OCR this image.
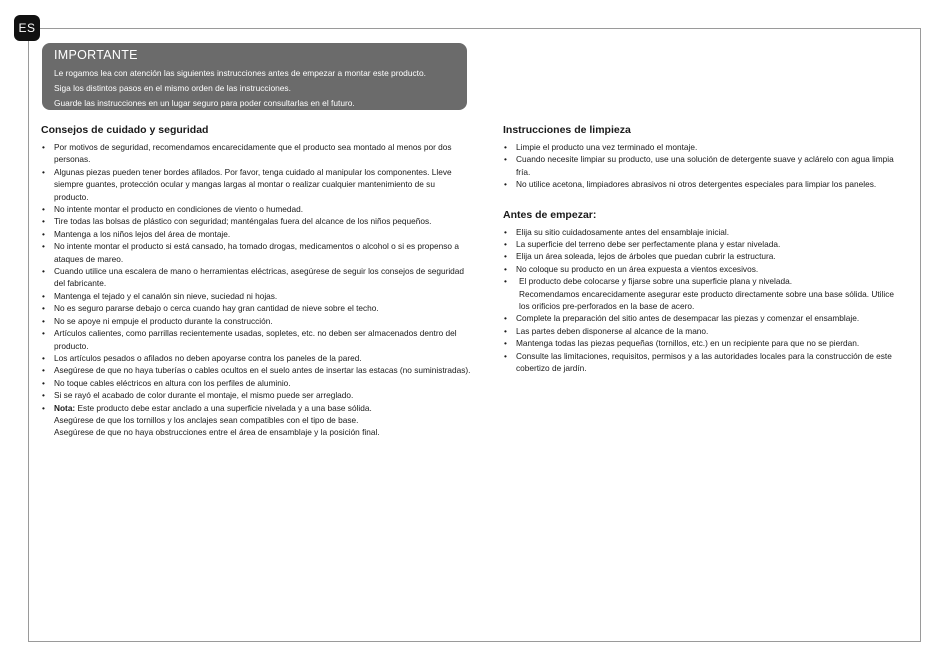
ES
IMPORTANTE
Le rogamos lea con atención las siguientes instrucciones antes de empezar a montar este producto.
Siga los distintos pasos en el mismo orden de las instrucciones.
Guarde las instrucciones en un lugar seguro para poder consultarlas en el futuro.
Consejos de cuidado y seguridad
• Por motivos de seguridad, recomendamos encarecidamente que el producto sea montado al menos por dos personas.
• Algunas piezas pueden tener bordes afilados. Por favor, tenga cuidado al manipular los componentes. Lleve siempre guantes, protección ocular y mangas largas al montar o realizar cualquier mantenimiento de su producto.
• No intente montar el producto en condiciones de viento o humedad.
• Tire todas las bolsas de plástico con seguridad; manténgalas fuera del alcance de los niños pequeños.
• Mantenga a los niños lejos del área de montaje.
• No intente montar el producto si está cansado, ha tomado drogas, medicamentos o alcohol o si es propenso a ataques de mareo.
• Cuando utilice una escalera de mano o herramientas eléctricas, asegúrese de seguir los consejos de seguridad
del fabricante.
• Mantenga el tejado y el canalón sin nieve, suciedad ni hojas.
• No es seguro pararse debajo o cerca cuando hay gran cantidad de nieve sobre el techo.
• No se apoye ni empuje el producto durante la construcción.
• Artículos calientes, como parrillas recientemente usadas, sopletes, etc. no deben ser almacenados dentro del producto.
• Los artículos pesados o afilados no deben apoyarse contra los paneles de la pared.
• Asegúrese de que no haya tuberías o cables ocultos en el suelo antes de insertar las estacas (no suministradas).
• No toque cables eléctricos en altura con los perfiles de aluminio.
• Si se rayó el acabado de color durante el montaje, el mismo puede ser arreglado.
• Nota: Este producto debe estar anclado a una superficie nivelada y a una base sólida.
Asegúrese de que los tornillos y los anclajes sean compatibles con el tipo de base.
Asegúrese de que no haya obstrucciones entre el área de ensamblaje y la posición final.
Instrucciones de limpieza
• Limpie el producto una vez terminado el montaje.
• Cuando necesite limpiar su producto, use una solución de detergente suave y aclárelo con agua limpia fría.
• No utilice acetona, limpiadores abrasivos ni otros detergentes especiales para limpiar los paneles.
Antes de empezar:
• Elija su sitio cuidadosamente antes del ensamblaje inicial.
• La superficie del terreno debe ser perfectamente plana y estar nivelada.
• Elija un área soleada, lejos de árboles que puedan cubrir la estructura.
• No coloque su producto en un área expuesta a vientos excesivos.
• El producto debe colocarse y fijarse sobre una superficie plana y nivelada.
Recomendamos encarecidamente asegurar este producto directamente sobre una base sólida. Utilice los orificios pre-perforados en la base de acero.
• Complete la preparación del sitio antes de desempacar las piezas y comenzar el ensamblaje.
• Las partes deben disponerse al alcance de la mano.
• Mantenga todas las piezas pequeñas (tornillos, etc.) en un recipiente para que no se pierdan.
• Consulte las limitaciones, requisitos, permisos y a las autoridades locales para la construcción de este cobertizo de jardín.
